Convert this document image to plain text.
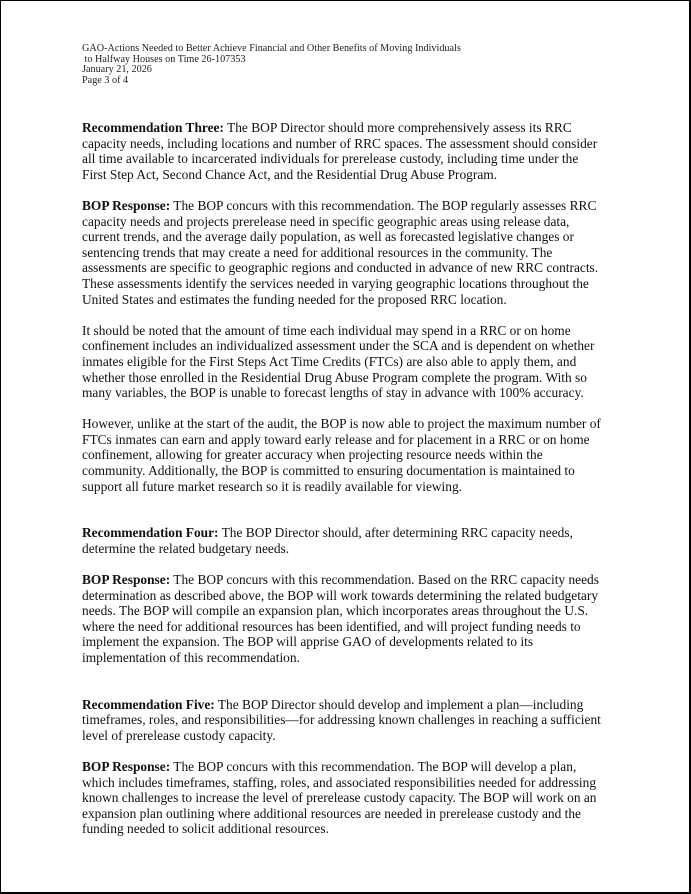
GAO-Actions Needed to Better Achieve Financial and Other Benefits of Moving Individuals
to Halfway Houses on Time 26-107353
January 21, 2026
Page 3 of 4

Recommendation Three: The BOP Director should more comprehensively assess its RRC
capacity needs, including locations and number of RRC spaces. The assessment should consider
all time available to incarcerated individuals for prerelease custody, including time under the
First Step Act, Second Chance Act, and the Residential Drug Abuse Program.

BOP Response: The BOP concurs with this recommendation. The BOP regularly assesses RRC
capacity needs and projects prerelease need in specific geographic areas using release data,
current trends, and the average daily population, as well as forecasted legislative changes or
sentencing trends that may create a need for additional resources in the community. The
assessments are specific to geographic regions and conducted in advance of new RRC contracts.
These assessments identify the services needed in varying geographic locations throughout the
United States and estimates the funding needed for the proposed RRC location.

It should be noted that the amount of time each individual may spend in a RRC or on home
confinement includes an individualized assessment under the SCA and is dependent on whether
inmates eligible for the First Steps Act Time Credits (FTCs) are also able to apply them, and
whether those enrolled in the Residential Drug Abuse Program complete the program. With so
many variables, the BOP is unable to forecast lengths of stay in advance with 100% accuracy.

However, unlike at the start of the audit, the BOP is now able to project the maximum number of
FTCs inmates can earn and apply toward early release and for placement in a RRC or on home
confinement, allowing for greater accuracy when projecting resource needs within the
community. Additionally, the BOP is committed to ensuring documentation is maintained to
support all future market research so it is readily available for viewing.

Recommendation Four: The BOP Director should, after determining RRC capacity needs,
determine the related budgetary needs.

BOP Response: The BOP concurs with this recommendation. Based on the RRC capacity needs
determination as described above, the BOP will work towards determining the related budgetary
needs. The BOP will compile an expansion plan, which incorporates areas throughout the U.S.
where the need for additional resources has been identified, and will project funding needs to
implement the expansion. The BOP will apprise GAO of developments related to its
implementation of this recommendation.

Recommendation Five: The BOP Director should develop and implement a plan—including
timeframes, roles, and responsibilities—for addressing known challenges in reaching a sufficient
level of prerelease custody capacity.

BOP Response: The BOP concurs with this recommendation. The BOP will develop a plan,
which includes timeframes, staffing, roles, and associated responsibilities needed for addressing
known challenges to increase the level of prerelease custody capacity. The BOP will work on an
expansion plan outlining where additional resources are needed in prerelease custody and the
funding needed to solicit additional resources.
